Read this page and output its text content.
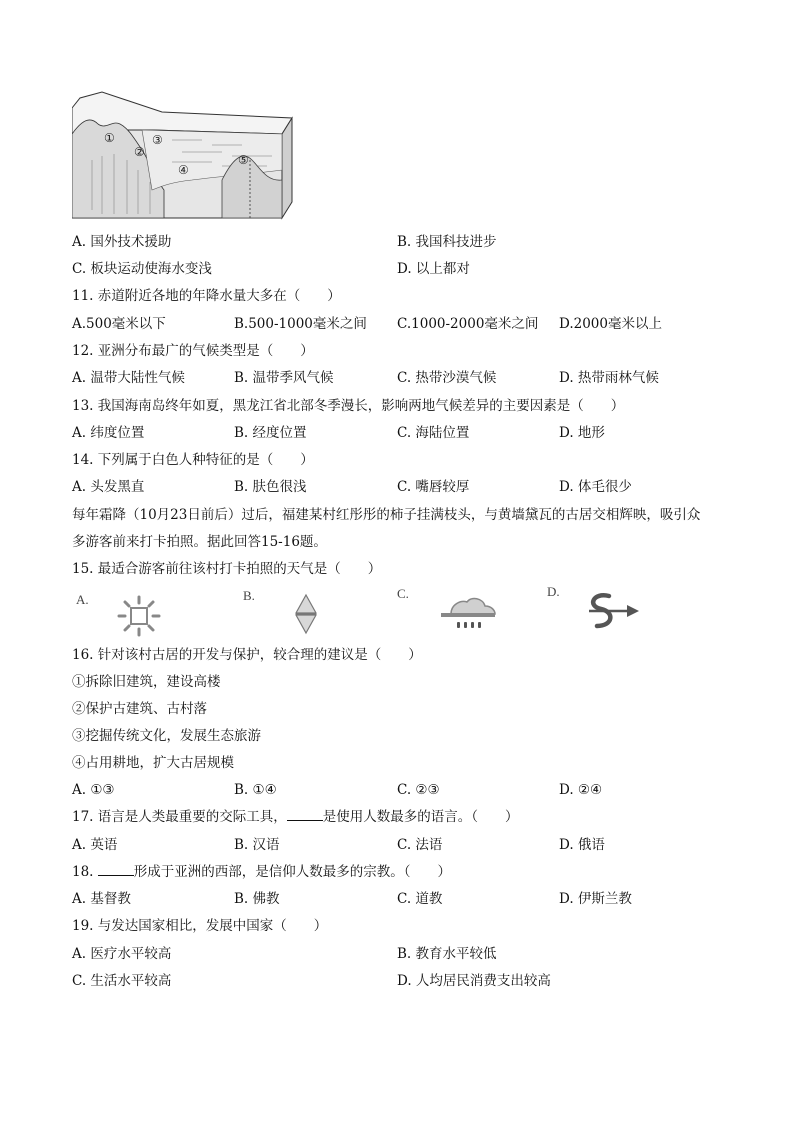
①
②
③
④
⑤
A. 国外技术援助	B. 我国科技进步
C. 板块运动使海水变浅	D. 以上都对
11. 赤道附近各地的年降水量大多在（　　）
A.500毫米以下	B.500-1000毫米之间 C.1000-2000毫米之间 D.2000毫米以上
12. 亚洲分布最广的气候类型是（　　）
A. 温带大陆性气候	B. 温带季风气候	C. 热带沙漠气候	D. 热带雨林气候
13. 我国海南岛终年如夏，黑龙江省北部冬季漫长，影响两地气候差异的主要因素是（　　）
A. 纬度位置	B. 经度位置	C. 海陆位置	D. 地形
14. 下列属于白色人种特征的是（　　）
A. 头发黑直	B. 肤色很浅	C. 嘴唇较厚	D. 体毛很少
每年霜降（10月23日前后）过后，福建某村红彤彤的柿子挂满枝头，与黄墙黛瓦的古居交相辉映，吸引众
多游客前来打卡拍照。据此回答15-16题。
15. 最适合游客前往该村打卡拍照的天气是（　　）
A.	B.	C.	D.
16. 针对该村古居的开发与保护，较合理的建议是（　　）
①拆除旧建筑，建设高楼
②保护古建筑、古村落
③挖掘传统文化，发展生态旅游
④占用耕地，扩大古居规模
A. ①③	B. ①④	C. ②③	D. ②④
17. 语言是人类最重要的交际工具，	是使用人数最多的语言。（　　）
A. 英语	B. 汉语	C. 法语	D. 俄语
18.	形成于亚洲的西部，是信仰人数最多的宗教。（　　）
A. 基督教	B. 佛教	C. 道教	D. 伊斯兰教
19. 与发达国家相比，发展中国家（　　）
A. 医疗水平较高	B. 教育水平较低
C. 生活水平较高	D. 人均居民消费支出较高
